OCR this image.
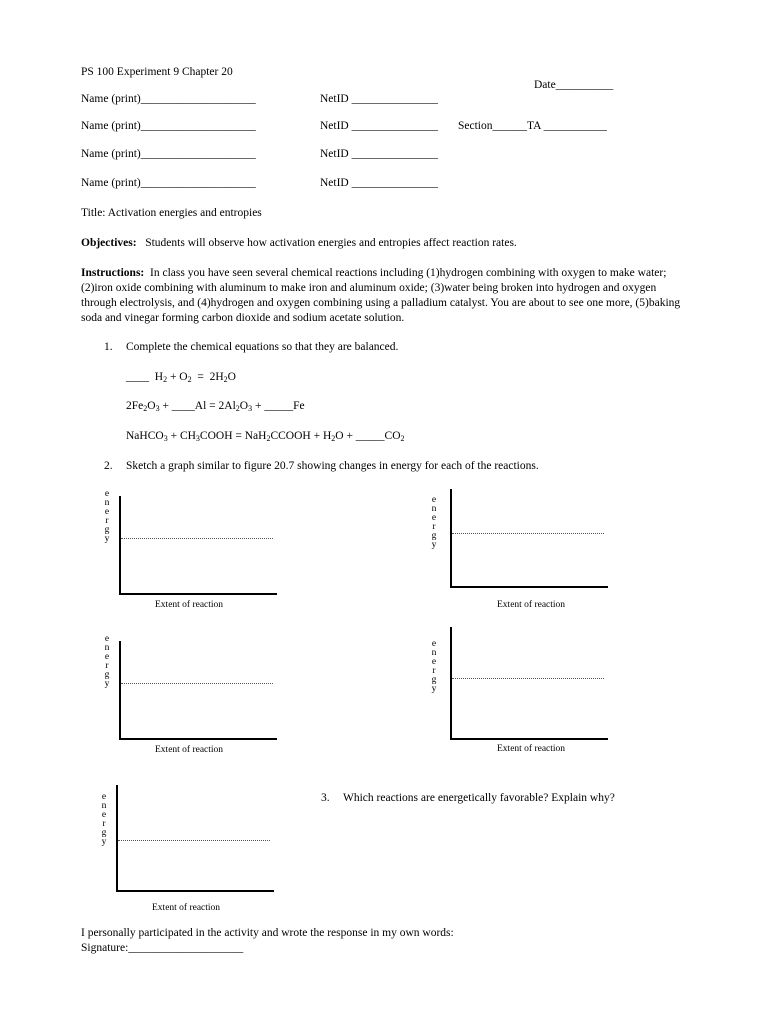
PS 100 Experiment 9 Chapter 20
Date__________
Name (print)____________________	NetID _______________
Name (print)____________________	NetID _______________ Section______TA ___________
Name (print)____________________	NetID _______________
Name (print)____________________	NetID _______________
Title: Activation energies and entropies
Objectives: Students will observe how activation energies and entropies affect reaction rates.
Instructions: In class you have seen several chemical reactions including (1)hydrogen combining with oxygen to make water; (2)iron oxide combining with aluminum to make iron and aluminum oxide; (3)water being broken into hydrogen and oxygen through electrolysis, and (4)hydrogen and oxygen combining using a palladium catalyst. You are about to see one more, (5)baking soda and vinegar forming carbon dioxide and sodium acetate solution.
1. Complete the chemical equations so that they are balanced.
____  $H_2 + O_2 = 2H_2O$
$2Fe_2O_3$ + ____Al = $2Al_2O_3$ + _____Fe
NaHCO$_3$ + $CH_3COOH$ = NaH$_2$CCOOH + $H_2O$ + $\_\_\_\_\_CO_2$
2. Sketch a graph similar to figure 20.7 showing changes in energy for each of the reactions.
e
n
e
r
g
y
Extent of reaction
e
n
e
r
g
y
Extent of reaction
e
n
e
r
g
y
Extent of reaction
e
n
e
r
g
y
Extent of reaction
e
n
e
r
g
y
Extent of reaction
3. Which reactions are energetically favorable? Explain why?
I personally participated in the activity and wrote the response in my own words:
Signature:____________________
